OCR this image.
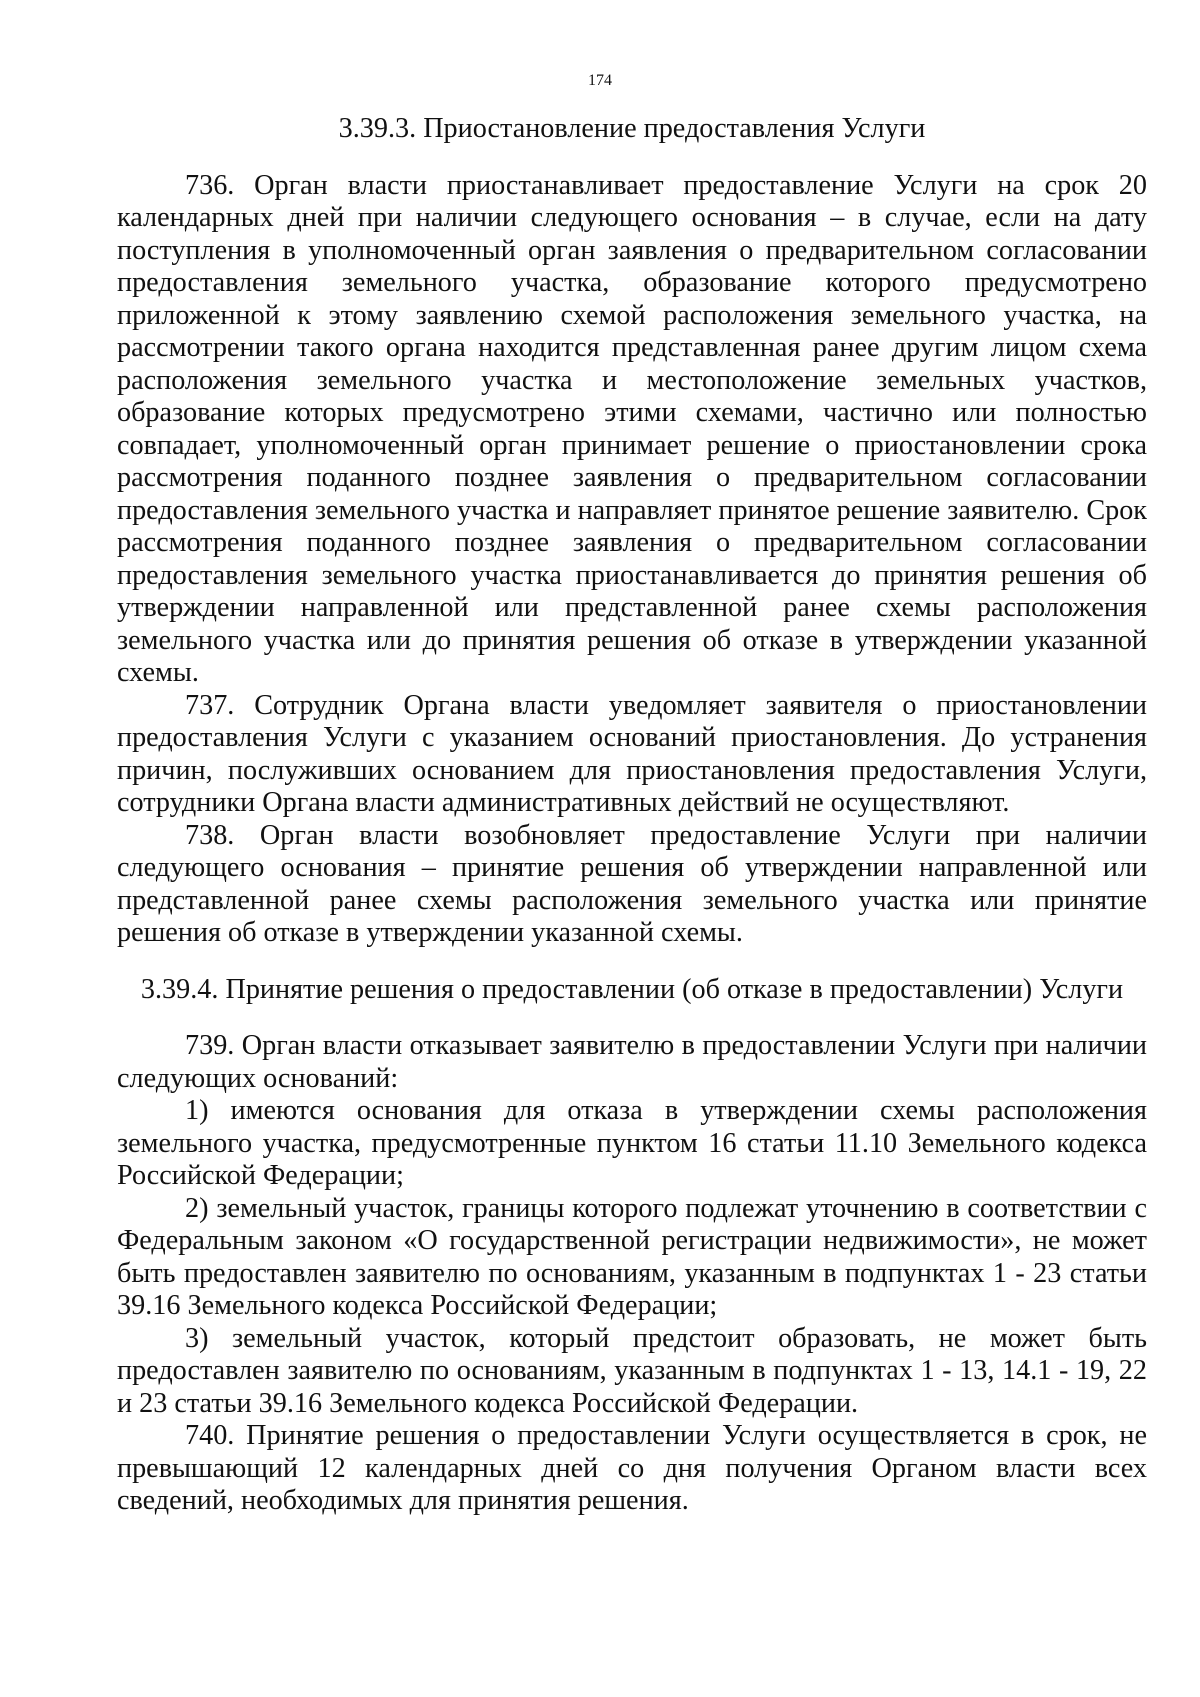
174

3.39.3. Приостановление предоставления Услуги

736. Орган власти приостанавливает предоставление Услуги на срок 20 календарных дней при наличии следующего основания – в случае, если на дату поступления в уполномоченный орган заявления о предварительном согласовании предоставления земельного участка, образование которого предусмотрено приложенной к этому заявлению схемой расположения земельного участка, на рассмотрении такого органа находится представленная ранее другим лицом схема расположения земельного участка и местоположение земельных участков, образование которых предусмотрено этими схемами, частично или полностью совпадает, уполномоченный орган принимает решение о приостановлении срока рассмотрения поданного позднее заявления о предварительном согласовании предоставления земельного участка и направляет принятое решение заявителю. Срок рассмотрения поданного позднее заявления о предварительном согласовании предоставления земельного участка приостанавливается до принятия решения об утверждении направленной или представленной ранее схемы расположения земельного участка или до принятия решения об отказе в утверждении указанной схемы.

737. Сотрудник Органа власти уведомляет заявителя о приостановлении предоставления Услуги с указанием оснований приостановления. До устранения причин, послуживших основанием для приостановления предоставления Услуги, сотрудники Органа власти административных действий не осуществляют.

738. Орган власти возобновляет предоставление Услуги при наличии следующего основания – принятие решения об утверждении направленной или представленной ранее схемы расположения земельного участка или принятие решения об отказе в утверждении указанной схемы.

3.39.4. Принятие решения о предоставлении (об отказе в предоставлении) Услуги

739. Орган власти отказывает заявителю в предоставлении Услуги при наличии следующих оснований:

1) имеются основания для отказа в утверждении схемы расположения земельного участка, предусмотренные пунктом 16 статьи 11.10 Земельного кодекса Российской Федерации;

2) земельный участок, границы которого подлежат уточнению в соответствии с Федеральным законом «О государственной регистрации недвижимости», не может быть предоставлен заявителю по основаниям, указанным в подпунктах 1 - 23 статьи 39.16 Земельного кодекса Российской Федерации;

3) земельный участок, который предстоит образовать, не может быть предоставлен заявителю по основаниям, указанным в подпунктах 1 - 13, 14.1 - 19, 22 и 23 статьи 39.16 Земельного кодекса Российской Федерации.

740. Принятие решения о предоставлении Услуги осуществляется в срок, не превышающий 12 календарных дней со дня получения Органом власти всех сведений, необходимых для принятия решения.
